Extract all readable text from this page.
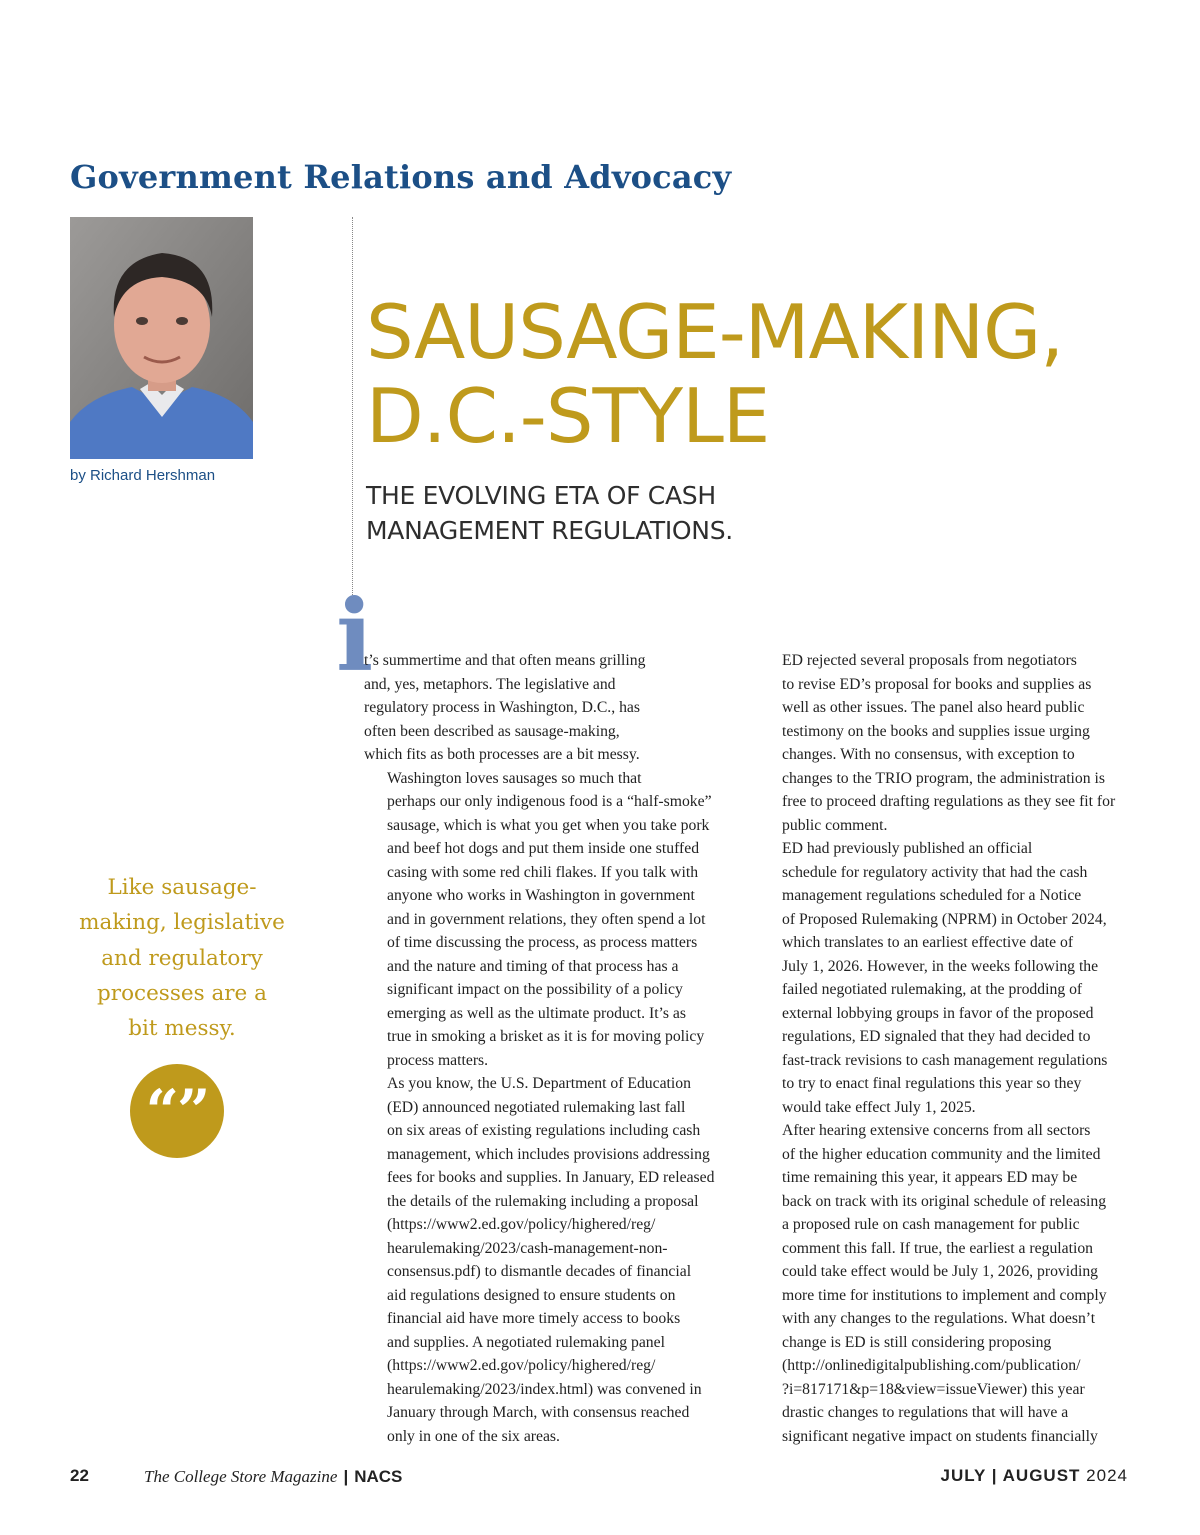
Government Relations and Advocacy

by Richard Hershman

SAUSAGE-MAKING,
D.C.-STYLE
THE EVOLVING ETA OF CASH
MANAGEMENT REGULATIONS.
i

t’s summertime and that often means grilling
and, yes, metaphors. The legislative and
regulatory process in Washington, D.C., has
often been described as sausage-making,
which fits as both processes are a bit messy.

Washington loves sausages so much that
perhaps our only indigenous food is a “half-smoke”
sausage, which is what you get when you take pork
and beef hot dogs and put them inside one stuffed
casing with some red chili flakes. If you talk with
anyone who works in Washington in government
and in government relations, they often spend a lot
of time discussing the process, as process matters
and the nature and timing of that process has a
significant impact on the possibility of a policy
emerging as well as the ultimate product. It’s as
true in smoking a brisket as it is for moving policy
process matters.

As you know, the U.S. Department of Education
(ED) announced negotiated rulemaking last fall
on six areas of existing regulations including cash
management, which includes provisions addressing
fees for books and supplies. In January, ED released
the details of the rulemaking including a proposal
(https://www2.ed.gov/policy/highered/reg/
hearulemaking/2023/cash-management-non-
consensus.pdf) to dismantle decades of financial
aid regulations designed to ensure students on
financial aid have more timely access to books
and supplies. A negotiated rulemaking panel
(https://www2.ed.gov/policy/highered/reg/
hearulemaking/2023/index.html) was convened in
January through March, with consensus reached
only in one of the six areas.

ED rejected several proposals from negotiators
to revise ED’s proposal for books and supplies as
well as other issues. The panel also heard public
testimony on the books and supplies issue urging
changes. With no consensus, with exception to
changes to the TRIO program, the administration is
free to proceed drafting regulations as they see fit for
public comment.

ED had previously published an official
schedule for regulatory activity that had the cash
management regulations scheduled for a Notice
of Proposed Rulemaking (NPRM) in October 2024,
which translates to an earliest effective date of
July 1, 2026. However, in the weeks following the
failed negotiated rulemaking, at the prodding of
external lobbying groups in favor of the proposed
regulations, ED signaled that they had decided to
fast-track revisions to cash management regulations
to try to enact final regulations this year so they
would take effect July 1, 2025.

After hearing extensive concerns from all sectors
of the higher education community and the limited
time remaining this year, it appears ED may be
back on track with its original schedule of releasing
a proposed rule on cash management for public
comment this fall. If true, the earliest a regulation
could take effect would be July 1, 2026, providing
more time for institutions to implement and comply
with any changes to the regulations. What doesn’t
change is ED is still considering proposing
(http://onlinedigitalpublishing.com/publication/
?i=817171&p=18&view=issueViewer) this year
drastic changes to regulations that will have a
significant negative impact on students financially

Like sausage-
making, legislative
and regulatory
processes are a
bit messy.

“”
22	The College Store Magazine | NACS	JULY | AUGUST 2024
